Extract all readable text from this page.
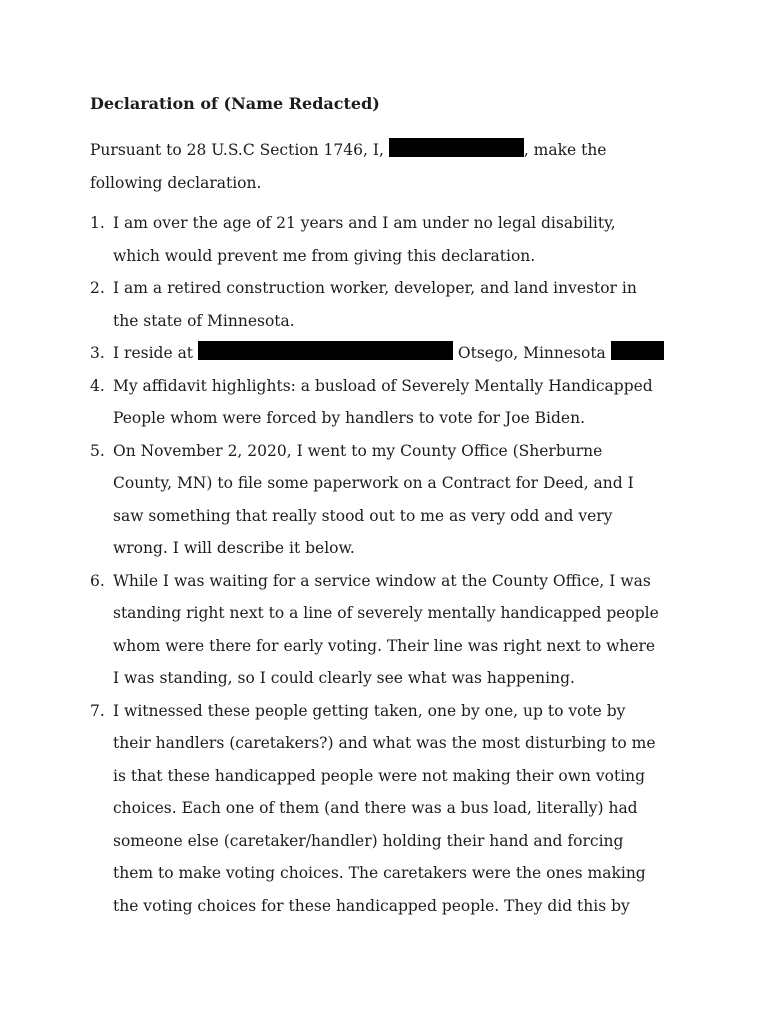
Declaration of (Name Redacted)
Pursuant to 28 U.S.C Section 1746, I,	, make the
following declaration.
1. I am over the age of 21 years and I am under no legal disability,
which would prevent me from giving this declaration.
2. I am a retired construction worker, developer, and land investor in
the state of Minnesota.
3. I reside at	Otsego, Minnesota
4. My affidavit highlights: a busload of Severely Mentally Handicapped
People whom were forced by handlers to vote for Joe Biden.
5. On November 2, 2020, I went to my County Office (Sherburne
County, MN) to file some paperwork on a Contract for Deed, and I
saw something that really stood out to me as very odd and very
wrong. I will describe it below.
6. While I was waiting for a service window at the County Office, I was
standing right next to a line of severely mentally handicapped people
whom were there for early voting. Their line was right next to where
I was standing, so I could clearly see what was happening.
7. I witnessed these people getting taken, one by one, up to vote by
their handlers (caretakers?) and what was the most disturbing to me
is that these handicapped people were not making their own voting
choices. Each one of them (and there was a bus load, literally) had
someone else (caretaker/handler) holding their hand and forcing
them to make voting choices. The caretakers were the ones making
the voting choices for these handicapped people. They did this by
